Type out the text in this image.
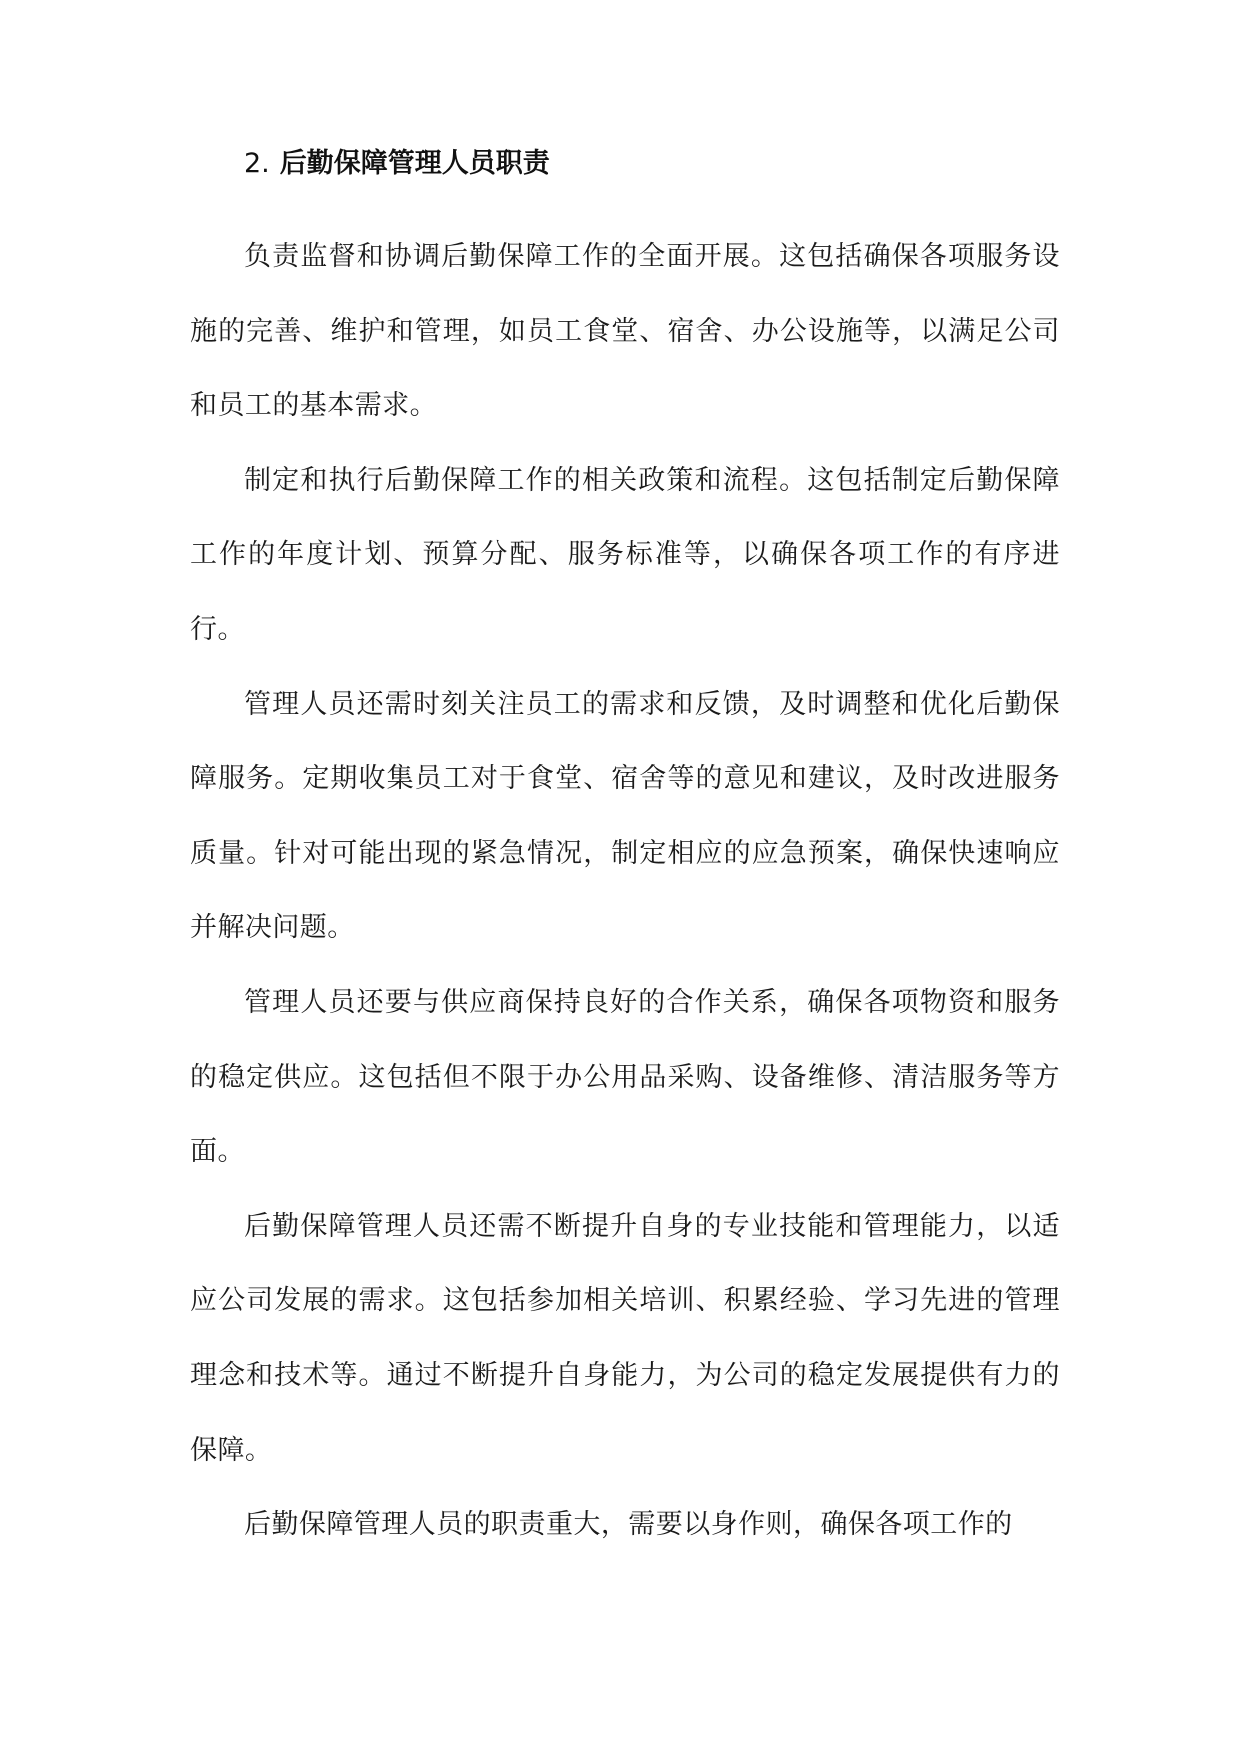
2. 后勤保障管理人员职责

负责监督和协调后勤保障工作的全面开展。这包括确保各项服务设施的完善、维护和管理，如员工食堂、宿舍、办公设施等，以满足公司和员工的基本需求。

制定和执行后勤保障工作的相关政策和流程。这包括制定后勤保障工作的年度计划、预算分配、服务标准等，以确保各项工作的有序进行。

管理人员还需时刻关注员工的需求和反馈，及时调整和优化后勤保障服务。定期收集员工对于食堂、宿舍等的意见和建议，及时改进服务质量。针对可能出现的紧急情况，制定相应的应急预案，确保快速响应并解决问题。

管理人员还要与供应商保持良好的合作关系，确保各项物资和服务的稳定供应。这包括但不限于办公用品采购、设备维修、清洁服务等方面。

后勤保障管理人员还需不断提升自身的专业技能和管理能力，以适应公司发展的需求。这包括参加相关培训、积累经验、学习先进的管理理念和技术等。通过不断提升自身能力，为公司的稳定发展提供有力的保障。

后勤保障管理人员的职责重大，需要以身作则，确保各项工作的
